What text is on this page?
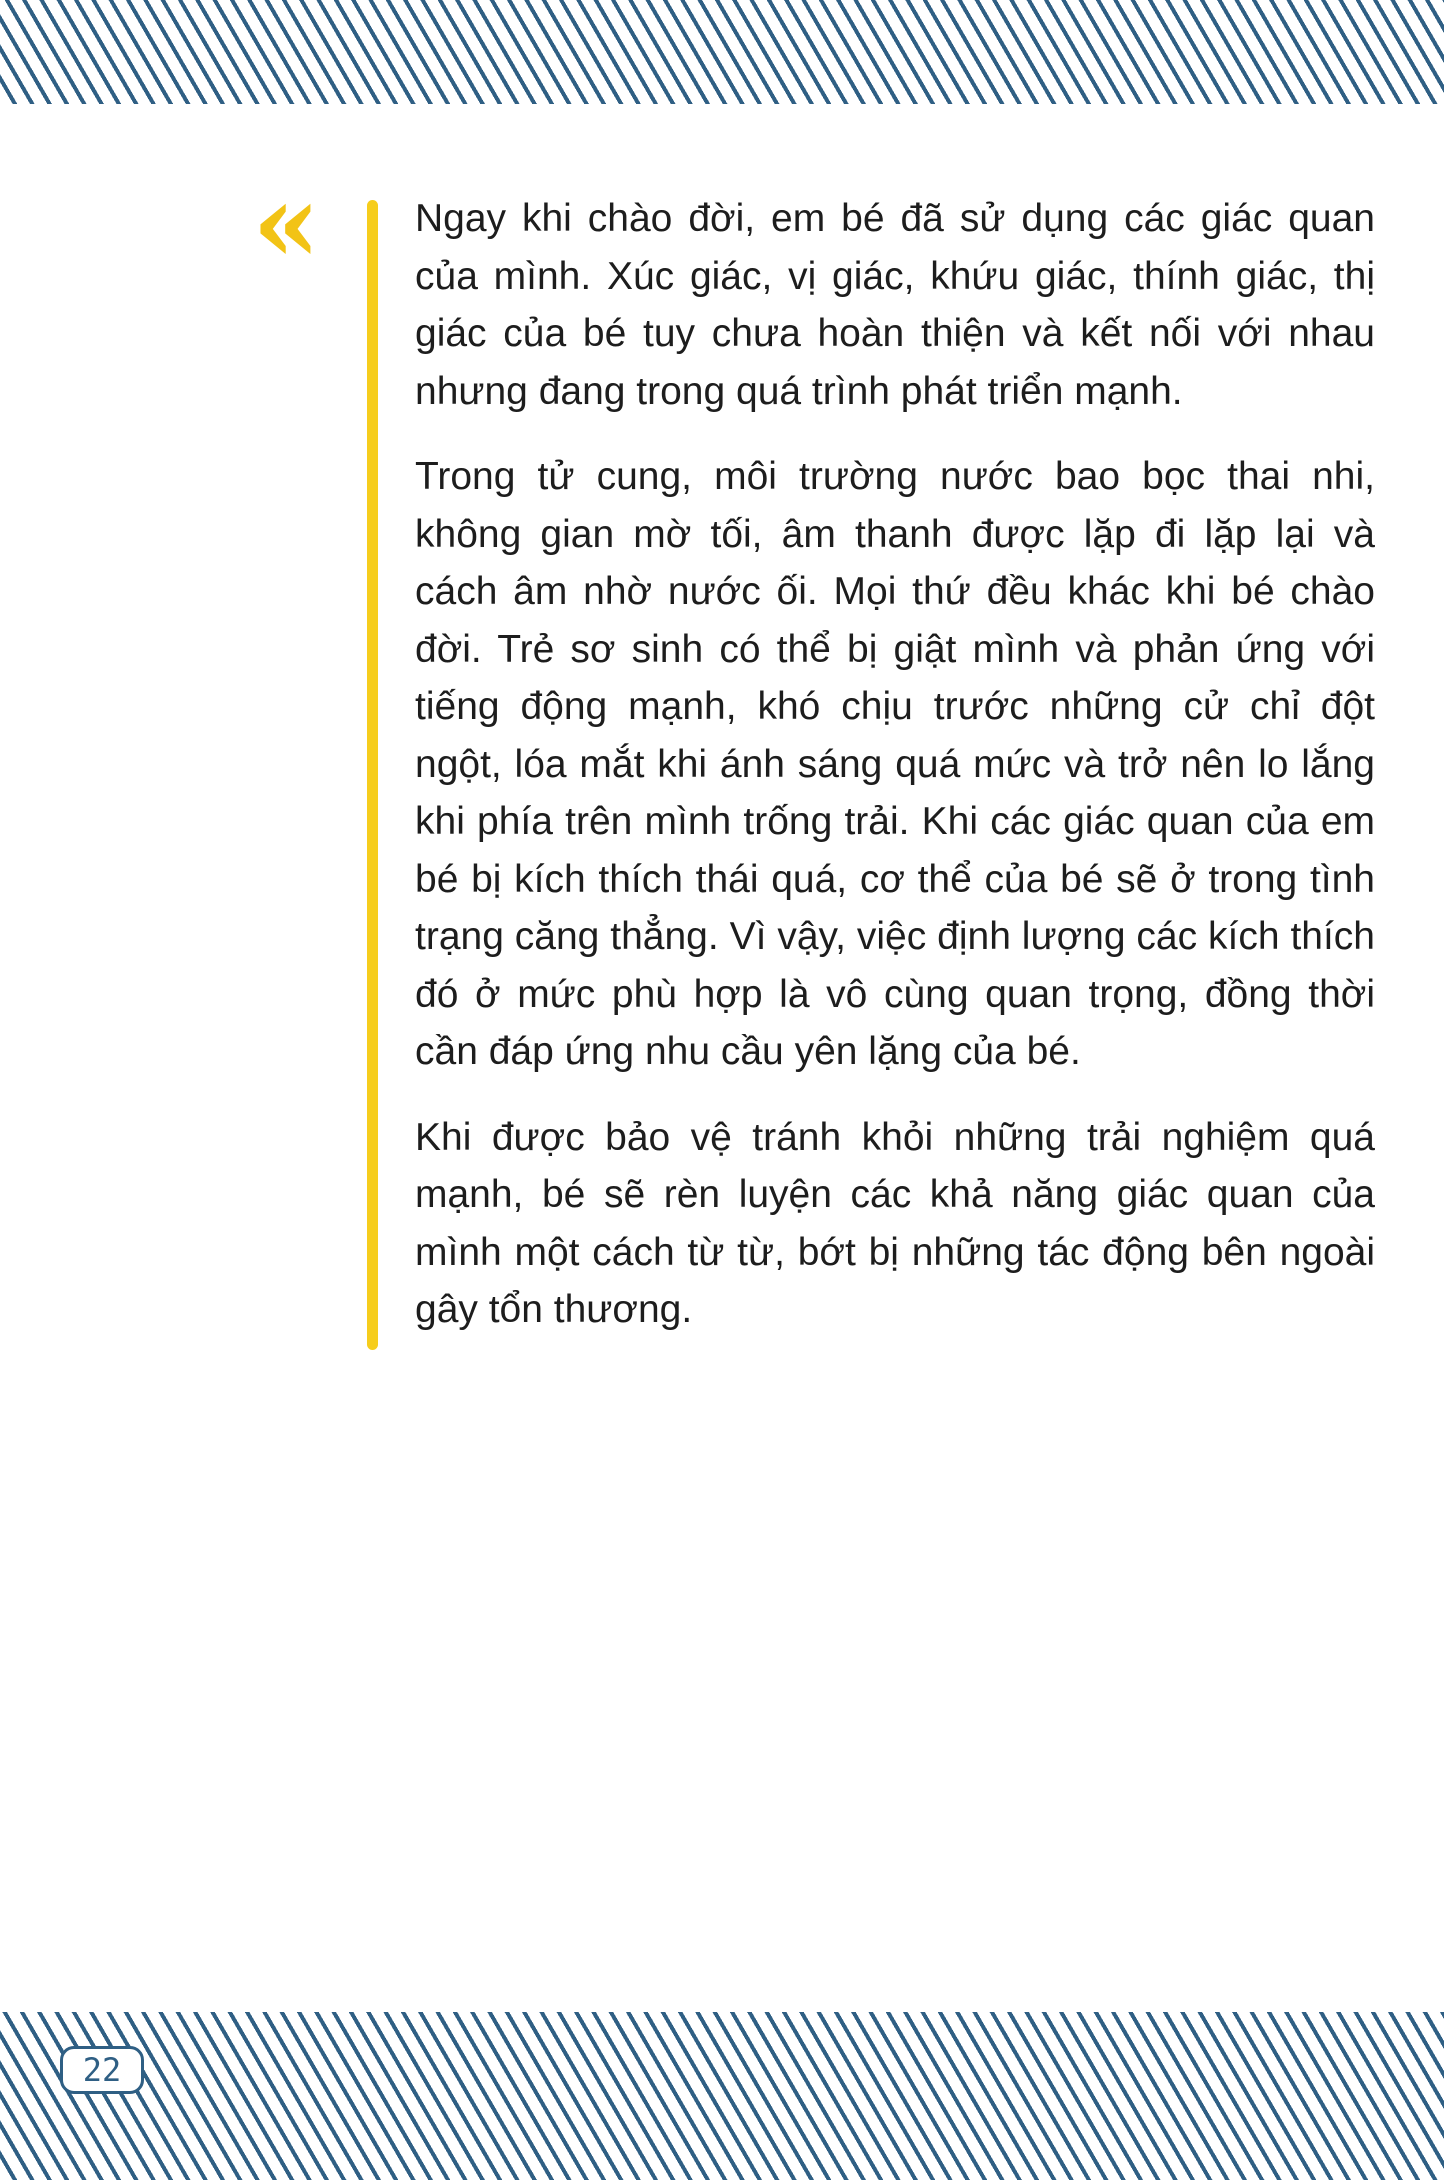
« Ngay khi chào đời, em bé đã sử dụng các giác quan của mình. Xúc giác, vị giác, khứu giác, thính giác, thị giác của bé tuy chưa hoàn thiện và kết nối với nhau nhưng đang trong quá trình phát triển mạnh.

Trong tử cung, môi trường nước bao bọc thai nhi, không gian mờ tối, âm thanh được lặp đi lặp lại và cách âm nhờ nước ối. Mọi thứ đều khác khi bé chào đời. Trẻ sơ sinh có thể bị giật mình và phản ứng với tiếng động mạnh, khó chịu trước những cử chỉ đột ngột, lóa mắt khi ánh sáng quá mức và trở nên lo lắng khi phía trên mình trống trải. Khi các giác quan của em bé bị kích thích thái quá, cơ thể của bé sẽ ở trong tình trạng căng thẳng. Vì vậy, việc định lượng các kích thích đó ở mức phù hợp là vô cùng quan trọng, đồng thời cần đáp ứng nhu cầu yên lặng của bé.

Khi được bảo vệ tránh khỏi những trải nghiệm quá mạnh, bé sẽ rèn luyện các khả năng giác quan của mình một cách từ từ, bớt bị những tác động bên ngoài gây tổn thương.

22
